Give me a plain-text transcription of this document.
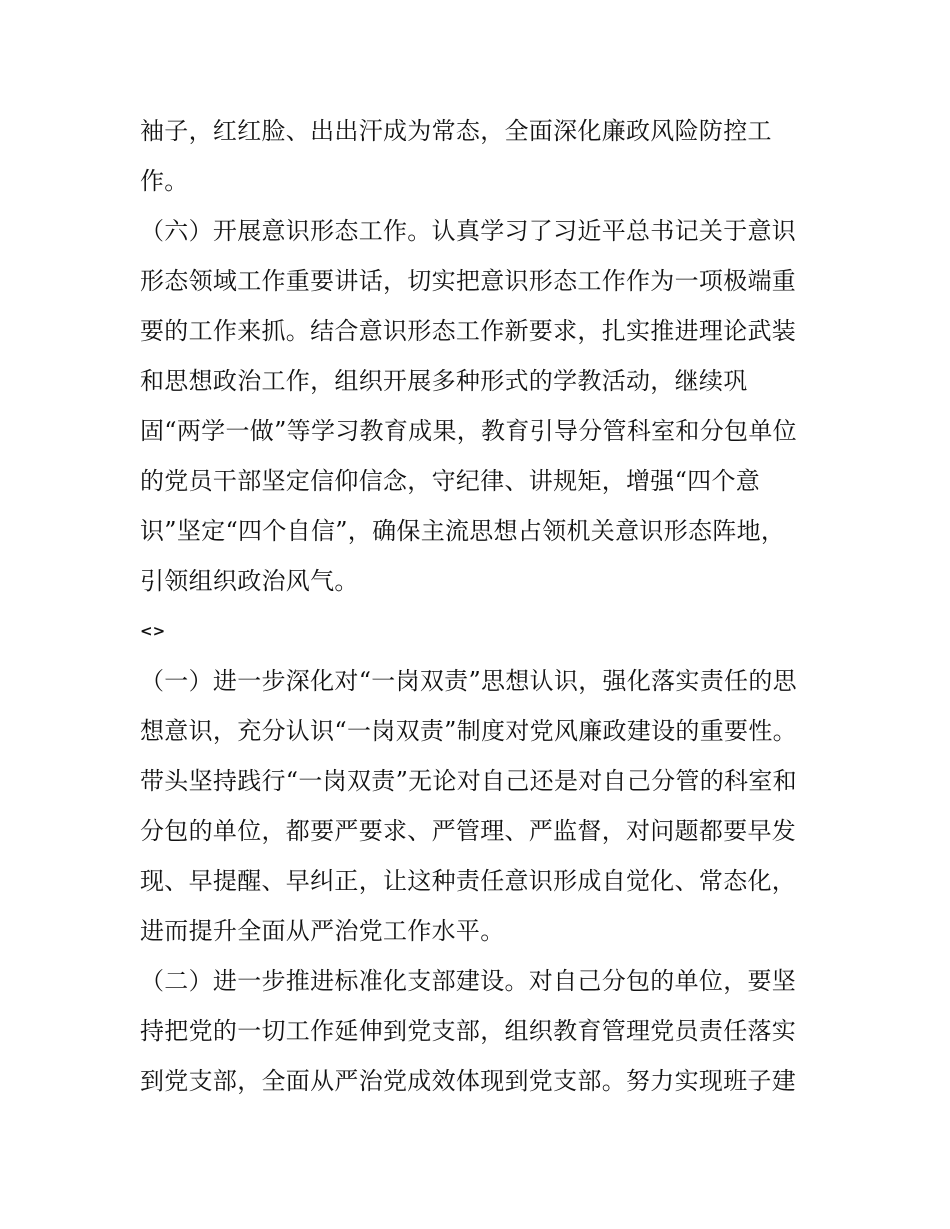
袖子，红红脸、出出汗成为常态，全面深化廉政风险防控工
作。
（六）开展意识形态工作。认真学习了习近平总书记关于意识
形态领域工作重要讲话，切实把意识形态工作作为一项极端重
要的工作来抓。结合意识形态工作新要求，扎实推进理论武装
和思想政治工作，组织开展多种形式的学教活动，继续巩
固“两学一做”等学习教育成果，教育引导分管科室和分包单位
的党员干部坚定信仰信念，守纪律、讲规矩，增强“四个意
识”坚定“四个自信”，确保主流思想占领机关意识形态阵地，
引领组织政治风气。
<>
（一）进一步深化对“一岗双责”思想认识，强化落实责任的思
想意识，充分认识“一岗双责”制度对党风廉政建设的重要性。
带头坚持践行“一岗双责”无论对自己还是对自己分管的科室和
分包的单位，都要严要求、严管理、严监督，对问题都要早发
现、早提醒、早纠正，让这种责任意识形成自觉化、常态化，
进而提升全面从严治党工作水平。
（二）进一步推进标准化支部建设。对自己分包的单位，要坚
持把党的一切工作延伸到党支部，组织教育管理党员责任落实
到党支部，全面从严治党成效体现到党支部。努力实现班子建
